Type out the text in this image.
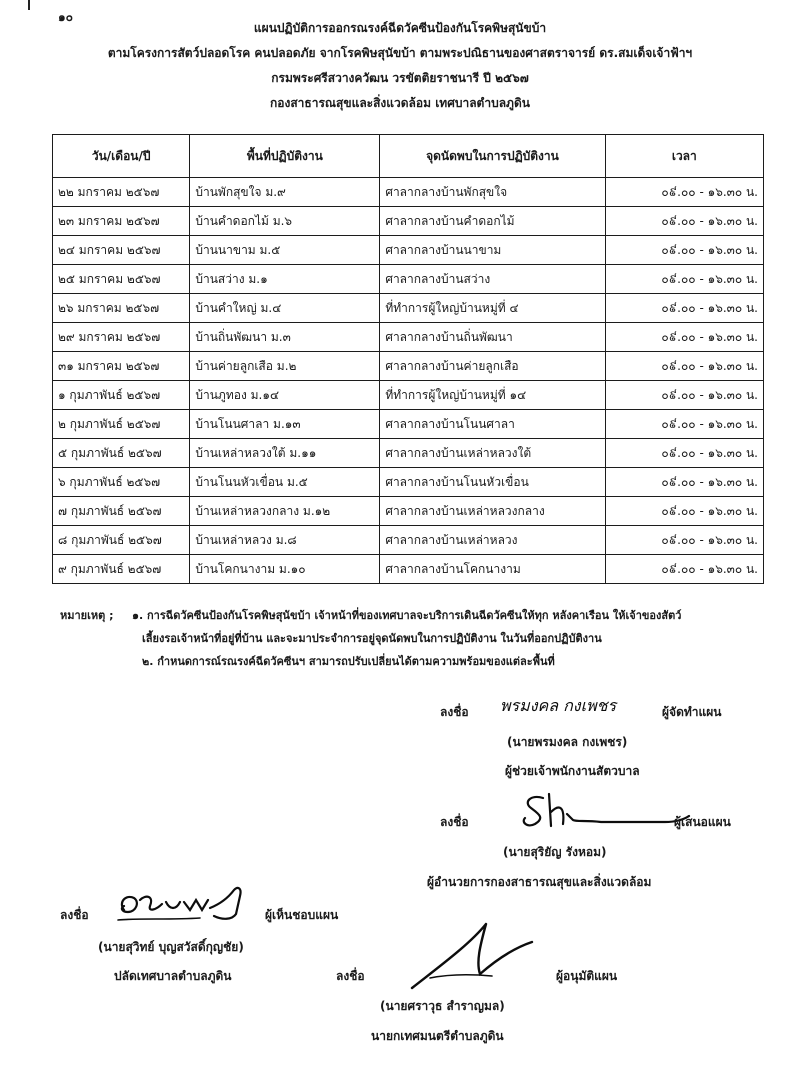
๑๐
แผนปฏิบัติการออกรณรงค์ฉีดวัคซีนป้องกันโรคพิษสุนัขบ้า
ตามโครงการสัตว์ปลอดโรค คนปลอดภัย จากโรคพิษสุนัขบ้า ตามพระปณิธานของศาสตราจารย์ ดร.สมเด็จเจ้าฟ้าฯ
กรมพระศรีสวางควัฒน วรขัตติยราชนารี ปี ๒๕๖๗
กองสาธารณสุขและสิ่งแวดล้อม เทศบาลตำบลภูดิน
วัน/เดือน/ปี	พื้นที่ปฏิบัติงาน	จุดนัดพบในการปฏิบัติงาน	เวลา
๒๒ มกราคม ๒๕๖๗	บ้านพักสุขใจ ม.๙	ศาลากลางบ้านพักสุขใจ	๐៩.๐๐ - ๑๖.๓๐ น.
๒๓ มกราคม ๒๕๖๗	บ้านคำดอกไม้ ม.๖	ศาลากลางบ้านคำดอกไม้	๐៩.๐๐ - ๑๖.๓๐ น.
๒๔ มกราคม ๒๕๖๗	บ้านนาขาม ม.๕	ศาลากลางบ้านนาขาม	๐៩.๐๐ - ๑๖.๓๐ น.
๒๕ มกราคม ๒๕๖๗	บ้านสว่าง ม.๑	ศาลากลางบ้านสว่าง	๐៩.๐๐ - ๑๖.๓๐ น.
๒๖ มกราคม ๒๕๖๗	บ้านคำใหญ่ ม.๔	ที่ทำการผู้ใหญ่บ้านหมู่ที่ ๔	๐៩.๐๐ - ๑๖.๓๐ น.
๒๙ มกราคม ๒๕๖๗	บ้านถิ่นพัฒนา ม.๓	ศาลากลางบ้านถิ่นพัฒนา	๐៩.๐๐ - ๑๖.๓๐ น.
๓๑ มกราคม ๒๕๖๗	บ้านค่ายลูกเสือ ม.๒	ศาลากลางบ้านค่ายลูกเสือ	๐៩.๐๐ - ๑๖.๓๐ น.
๑ กุมภาพันธ์ ๒๕๖๗	บ้านภูทอง ม.๑๔	ที่ทำการผู้ใหญ่บ้านหมู่ที่ ๑๔	๐៩.๐๐ - ๑๖.๓๐ น.
๒ กุมภาพันธ์ ๒๕๖๗	บ้านโนนศาลา ม.๑๓	ศาลากลางบ้านโนนศาลา	๐៩.๐๐ - ๑๖.๓๐ น.
๕ กุมภาพันธ์ ๒๕๖๗	บ้านเหล่าหลวงใต้ ม.๑๑	ศาลากลางบ้านเหล่าหลวงใต้	๐៩.๐๐ - ๑๖.๓๐ น.
๖ กุมภาพันธ์ ๒๕๖๗	บ้านโนนหัวเขื่อน ม.๕	ศาลากลางบ้านโนนหัวเขื่อน	๐៩.๐๐ - ๑๖.๓๐ น.
๗ กุมภาพันธ์ ๒๕๖๗	บ้านเหล่าหลวงกลาง ม.๑๒	ศาลากลางบ้านเหล่าหลวงกลาง	๐៩.๐๐ - ๑๖.๓๐ น.
๘ กุมภาพันธ์ ๒๕๖๗	บ้านเหล่าหลวง ม.๘	ศาลากลางบ้านเหล่าหลวง	๐៩.๐๐ - ๑๖.๓๐ น.
๙ กุมภาพันธ์ ๒๕๖๗	บ้านโคกนางาม ม.๑๐	ศาลากลางบ้านโคกนางาม	๐៩.๐๐ - ๑๖.๓๐ น.
หมายเหตุ ; ๑. การฉีดวัคซีนป้องกันโรคพิษสุนัขบ้า เจ้าหน้าที่ของเทศบาลจะบริการเดินฉีดวัคซีนให้ทุก หลังคาเรือน ให้เจ้าของสัตว์
เลี้ยงรอเจ้าหน้าที่อยู่ที่บ้าน และจะมาประจำการอยู่จุดนัดพบในการปฏิบัติงาน ในวันที่ออกปฏิบัติงาน
๒. กำหนดการณ์รณรงค์ฉีดวัคซีนฯ สามารถปรับเปลี่ยนได้ตามความพร้อมของแต่ละพื้นที่
ลงชื่อ พรมงคล กงเพชร	ผู้จัดทำแผน
(นายพรมงคล กงเพชร)
ผู้ช่วยเจ้าพนักงานสัตวบาล
ลงชื่อ	ผู้เสนอแผน
(นายสุริยัญ รังหอม)
ผู้อำนวยการกองสาธารณสุขและสิ่งแวดล้อม
ลงชื่อ	ผู้เห็นชอบแผน
(นายสุวิทย์ บุญสวัสดิ์กุญชัย)
ปลัดเทศบาลตำบลภูดิน	ลงชื่อ	ผู้อนุมัติแผน
(นายศราวุธ สำราญมล)
นายกเทศมนตรีตำบลภูดิน
